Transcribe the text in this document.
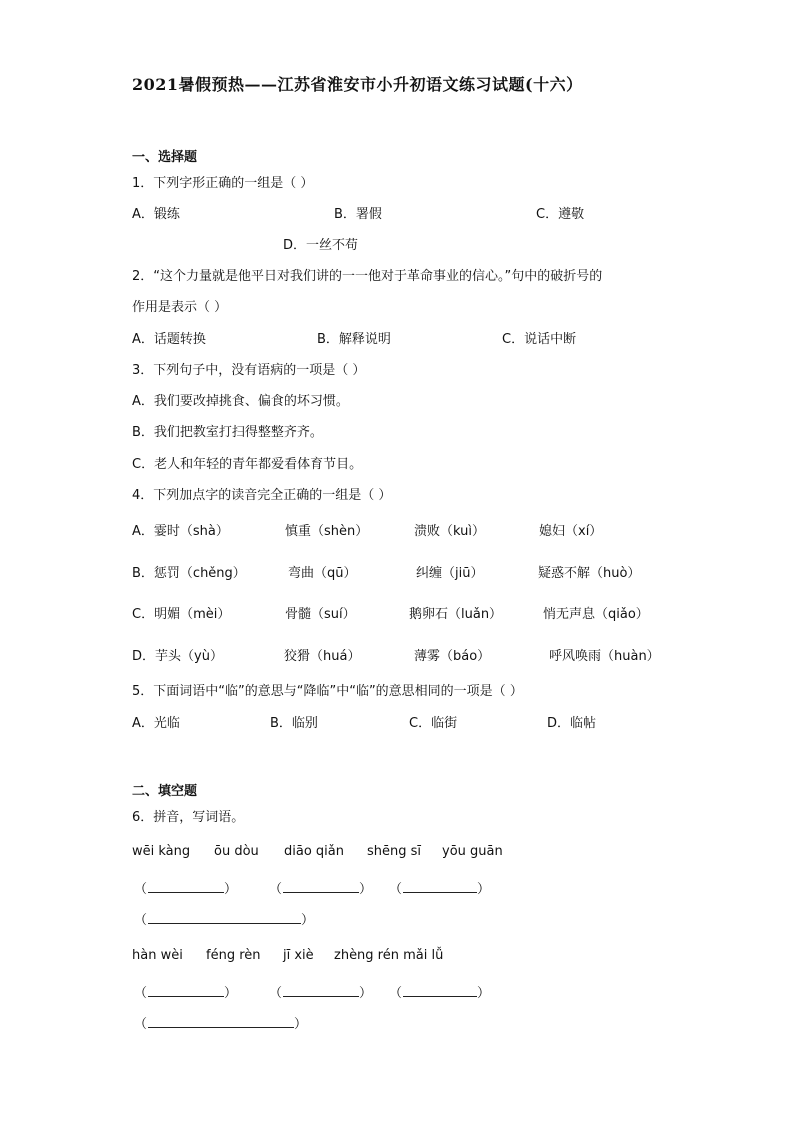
2021暑假预热——江苏省淮安市小升初语文练习试题(十六）
一、选择题
1．下列字形正确的一组是（ ）
A．锻练	B．署假	C．遵敬
D．一丝不苟
2．“这个力量就是他平日对我们讲的一一他对于革命事业的信心。”句中的破折号的
作用是表示（ ）
A．话题转换	B．解释说明	C．说话中断
3．下列句子中，没有语病的一项是（ ）
A．我们要改掉挑食、偏食的坏习惯。
B．我们把教室打扫得整整齐齐。
C．老人和年轻的青年都爱看体育节目。
4．下列加点字的读音完全正确的一组是（ ）
A．霎时（shà）	慎重（shèn）	溃败（kuì）	媳妇（xí）
B．惩罚（chěng）	弯曲（qū）	纠缠（jiū）	疑惑不解（huò）
C．明媚（mèi）	骨髓（suí）	鹅卵石（luǎn）	悄无声息（qiǎo）
D．芋头（yù）	狡猾（huá）	薄雾（báo）	呼风唤雨（huàn）
5．下面词语中“临”的意思与“降临”中“临”的意思相同的一项是（ ）
A．光临	B．临别	C．临街	D．临帖
二、填空题
6．拼音，写词语。
wēi kàng ōu dòu diāo qiǎn shēng sī yōu guān
（	） （	） （	）
（	）
hàn wèi féng rèn jī xiè zhèng rén mǎi lǚ
（	） （	） （	）
（	）
